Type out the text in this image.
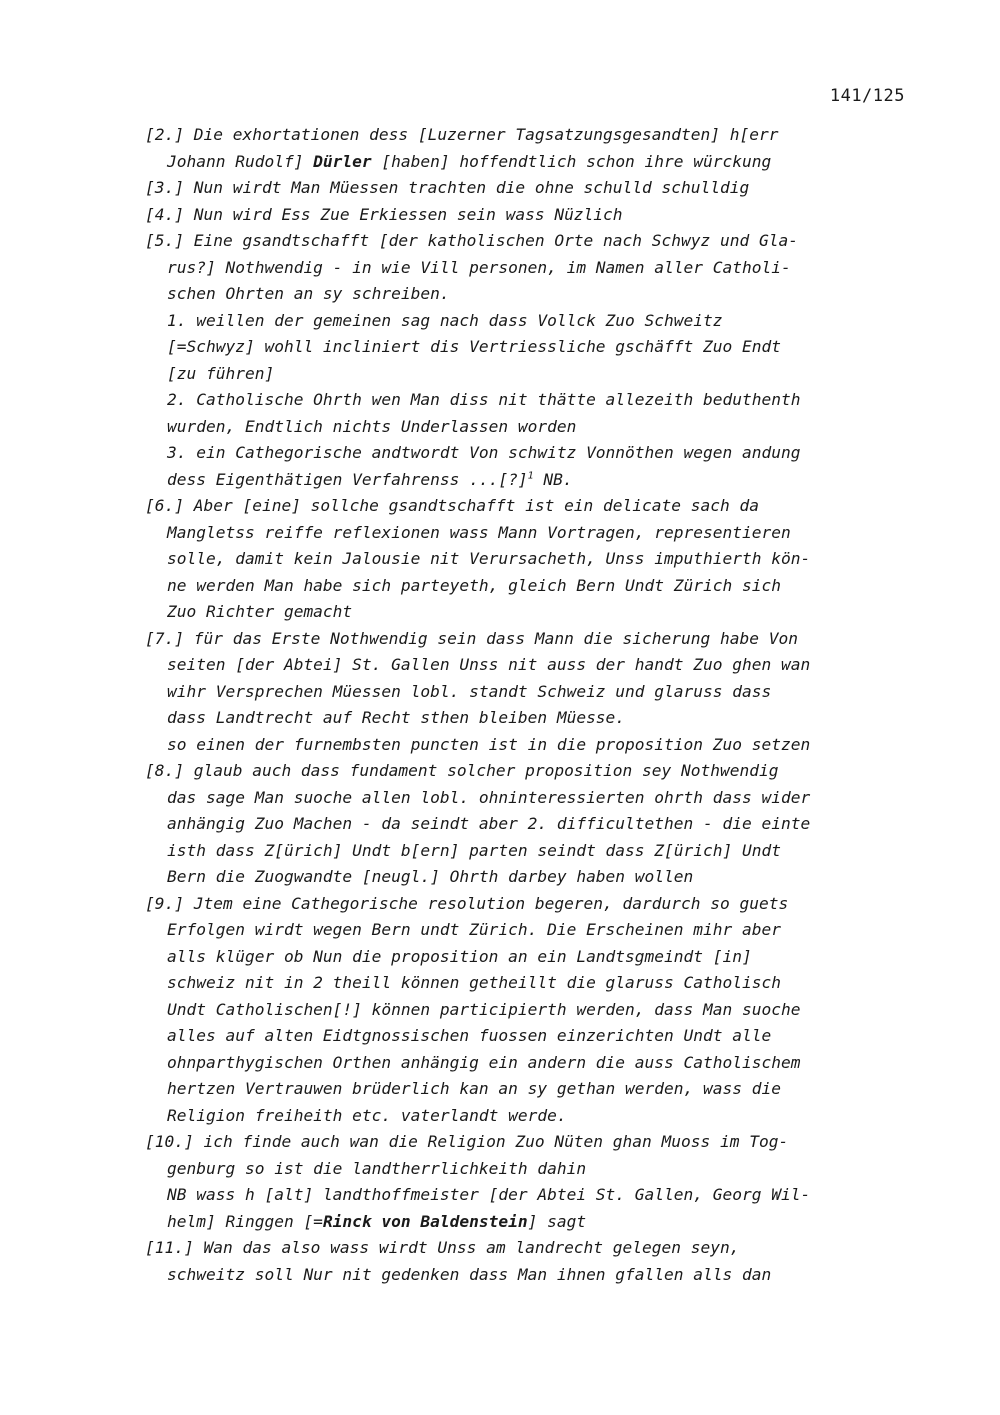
141/125
[2.] Die exhortationen dess [Luzerner Tagsatzungsgesandten] h[err
Johann Rudolf] Dürler [haben] hoffendtlich schon ihre würckung
[3.] Nun wirdt Man Müessen trachten die ohne schulld schulldig
[4.] Nun wird Ess Zue Erkiessen sein wass Nüzlich
[5.] Eine gsandtschafft [der katholischen Orte nach Schwyz und Gla-
rus?] Nothwendig - in wie Vill personen, im Namen aller Catholi-
schen Ohrten an sy schreiben.
1. weillen der gemeinen sag nach dass Vollck Zuo Schweitz
[=Schwyz] wohll incliniert dis Vertriessliche gschäfft Zuo Endt
[zu führen]
2. Catholische Ohrth wen Man diss nit thätte allezeith beduthenth
wurden, Endtlich nichts Underlassen worden
3. ein Cathegorische andtwordt Von schwitz Vonnöthen wegen andung
dess Eigenthätigen Verfahrenss ...[?]$^1$ NB.
[6.] Aber [eine] sollche gsandtschafft ist ein delicate sach da
Mangletss reiffe reflexionen wass Mann Vortragen, representieren
solle, damit kein Jalousie nit Verursacheth, Unss imputhierth kön-
ne werden Man habe sich parteyeth, gleich Bern Undt Zürich sich
Zuo Richter gemacht
[7.] für das Erste Nothwendig sein dass Mann die sicherung habe Von
seiten [der Abtei] St. Gallen Unss nit auss der handt Zuo ghen wan
wihr Versprechen Müessen lobl. standt Schweiz und glaruss dass
dass Landtrecht auf Recht sthen bleiben Müesse.
so einen der furnembsten puncten ist in die proposition Zuo setzen
[8.] glaub auch dass fundament solcher proposition sey Nothwendig
das sage Man suoche allen lobl. ohninteressierten ohrth dass wider
anhängig Zuo Machen - da seindt aber 2. difficultethen - die einte
isth dass Z[ürich] Undt b[ern] parten seindt dass Z[ürich] Undt
Bern die Zuogwandte [neugl.] Ohrth darbey haben wollen
[9.] Jtem eine Cathegorische resolution begeren, dardurch so guets
Erfolgen wirdt wegen Bern undt Zürich. Die Erscheinen mihr aber
alls klüger ob Nun die proposition an ein Landtsgmeindt [in]
schweiz nit in 2 theill können getheillt die glaruss Catholisch
Undt Catholischen[!] können participierth werden, dass Man suoche
alles auf alten Eidtgnossischen fuossen einzerichten Undt alle
ohnparthygischen Orthen anhängig ein andern die auss Catholischem
hertzen Vertrauwen brüderlich kan an sy gethan werden, wass die
Religion freiheith etc. vaterlandt werde.
[10.] ich finde auch wan die Religion Zuo Nüten ghan Muoss im Tog-
genburg so ist die landtherrlichkeith dahin
NB wass h [alt] landthoffmeister [der Abtei St. Gallen, Georg Wil-
helm] Ringgen [=Rinck von Baldenstein] sagt
[11.] Wan das also wass wirdt Unss am landrecht gelegen seyn,
schweitz soll Nur nit gedenken dass Man ihnen gfallen alls dan
